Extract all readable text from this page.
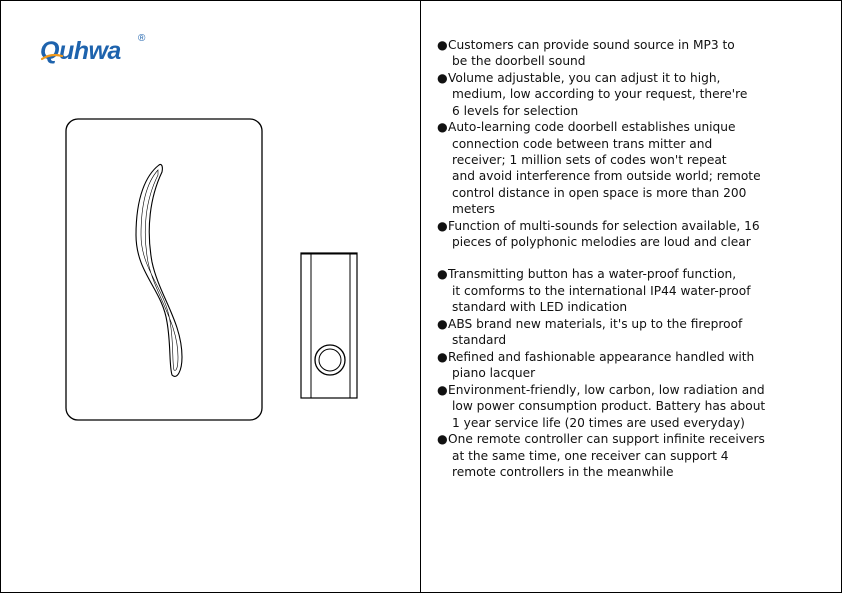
Quhwa ®	● Customers can provide sound source in MP3 to
be the doorbell sound
● Volume adjustable, you can adjust it to high,
medium, low according to your request, there're
6 levels for selection
● Auto-learning code doorbell establishes unique
connection code between trans mitter and
receiver; 1 million sets of codes won't repeat
and avoid interference from outside world; remote
control distance in open space is more than 200
meters
● Function of multi-sounds for selection available, 16
pieces of polyphonic melodies are loud and clear
● Transmitting button has a water-proof function,
it comforms to the international IP44 water-proof
standard with LED indication
● ABS brand new materials, it's up to the fireproof
standard
● Refined and fashionable appearance handled with
piano lacquer
● Environment-friendly, low carbon, low radiation and
low power consumption product. Battery has about
1 year service life (20 times are used everyday)
● One remote controller can support infinite receivers
at the same time, one receiver can support 4
remote controllers in the meanwhile
